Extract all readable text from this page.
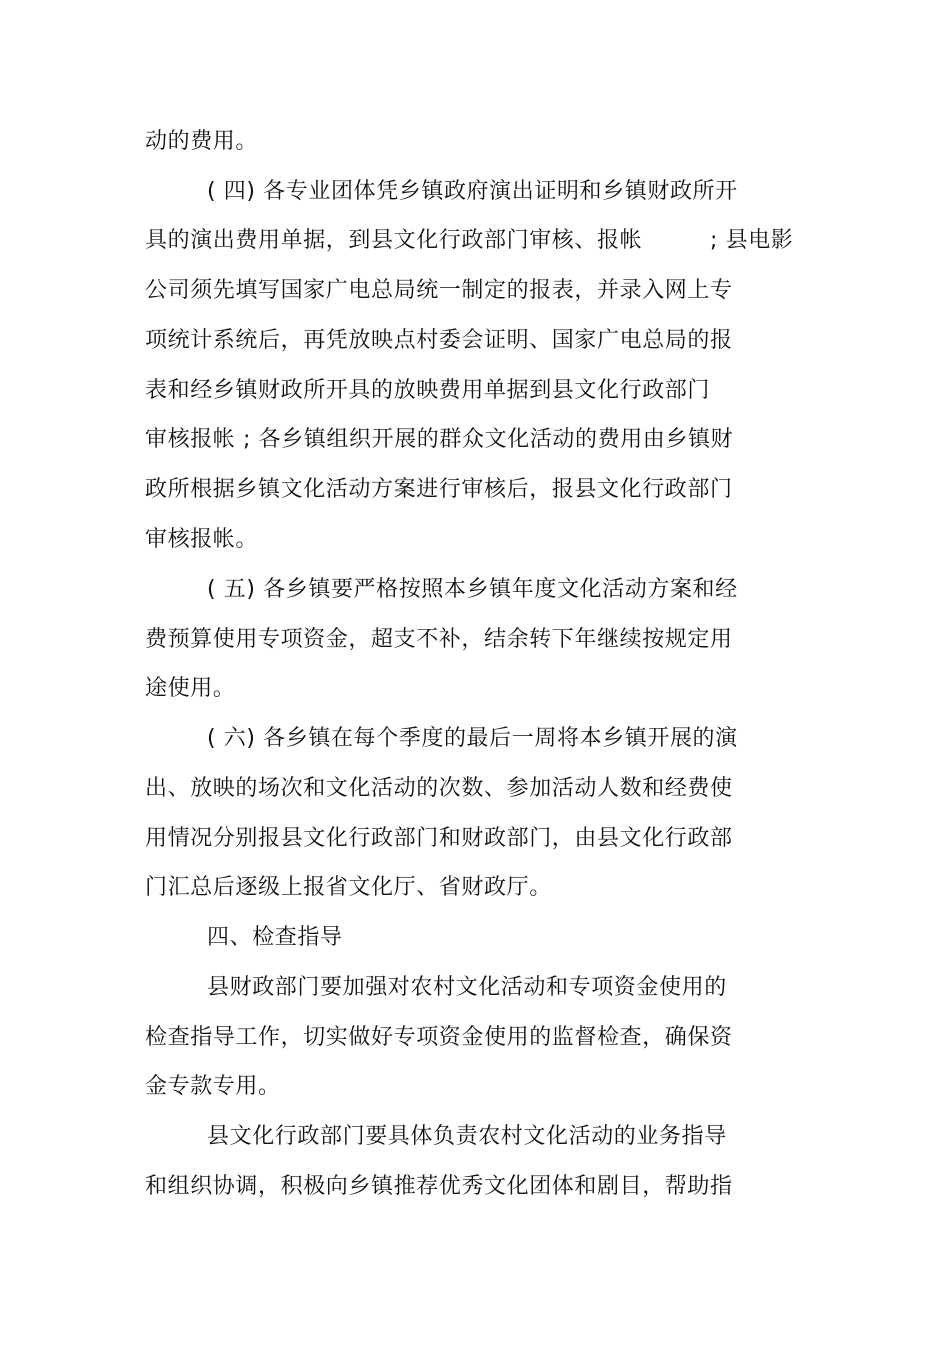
动的费用。
( 四) 各专业团体凭乡镇政府演出证明和乡镇财政所开
具的演出费用单据，到县文化行政部门审核、报帐　　　; 县电影
公司须先填写国家广电总局统一制定的报表，并录入网上专
项统计系统后，再凭放映点村委会证明、国家广电总局的报
表和经乡镇财政所开具的放映费用单据到县文化行政部门
审核报帐 ; 各乡镇组织开展的群众文化活动的费用由乡镇财
政所根据乡镇文化活动方案进行审核后，报县文化行政部门
审核报帐。
( 五) 各乡镇要严格按照本乡镇年度文化活动方案和经
费预算使用专项资金，超支不补，结余转下年继续按规定用
途使用。
( 六) 各乡镇在每个季度的最后一周将本乡镇开展的演
出、放映的场次和文化活动的次数、参加活动人数和经费使
用情况分别报县文化行政部门和财政部门，由县文化行政部
门汇总后逐级上报省文化厅、省财政厅。
四、检查指导
县财政部门要加强对农村文化活动和专项资金使用的
检查指导工作，切实做好专项资金使用的监督检查，确保资
金专款专用。
县文化行政部门要具体负责农村文化活动的业务指导
和组织协调，积极向乡镇推荐优秀文化团体和剧目，帮助指
